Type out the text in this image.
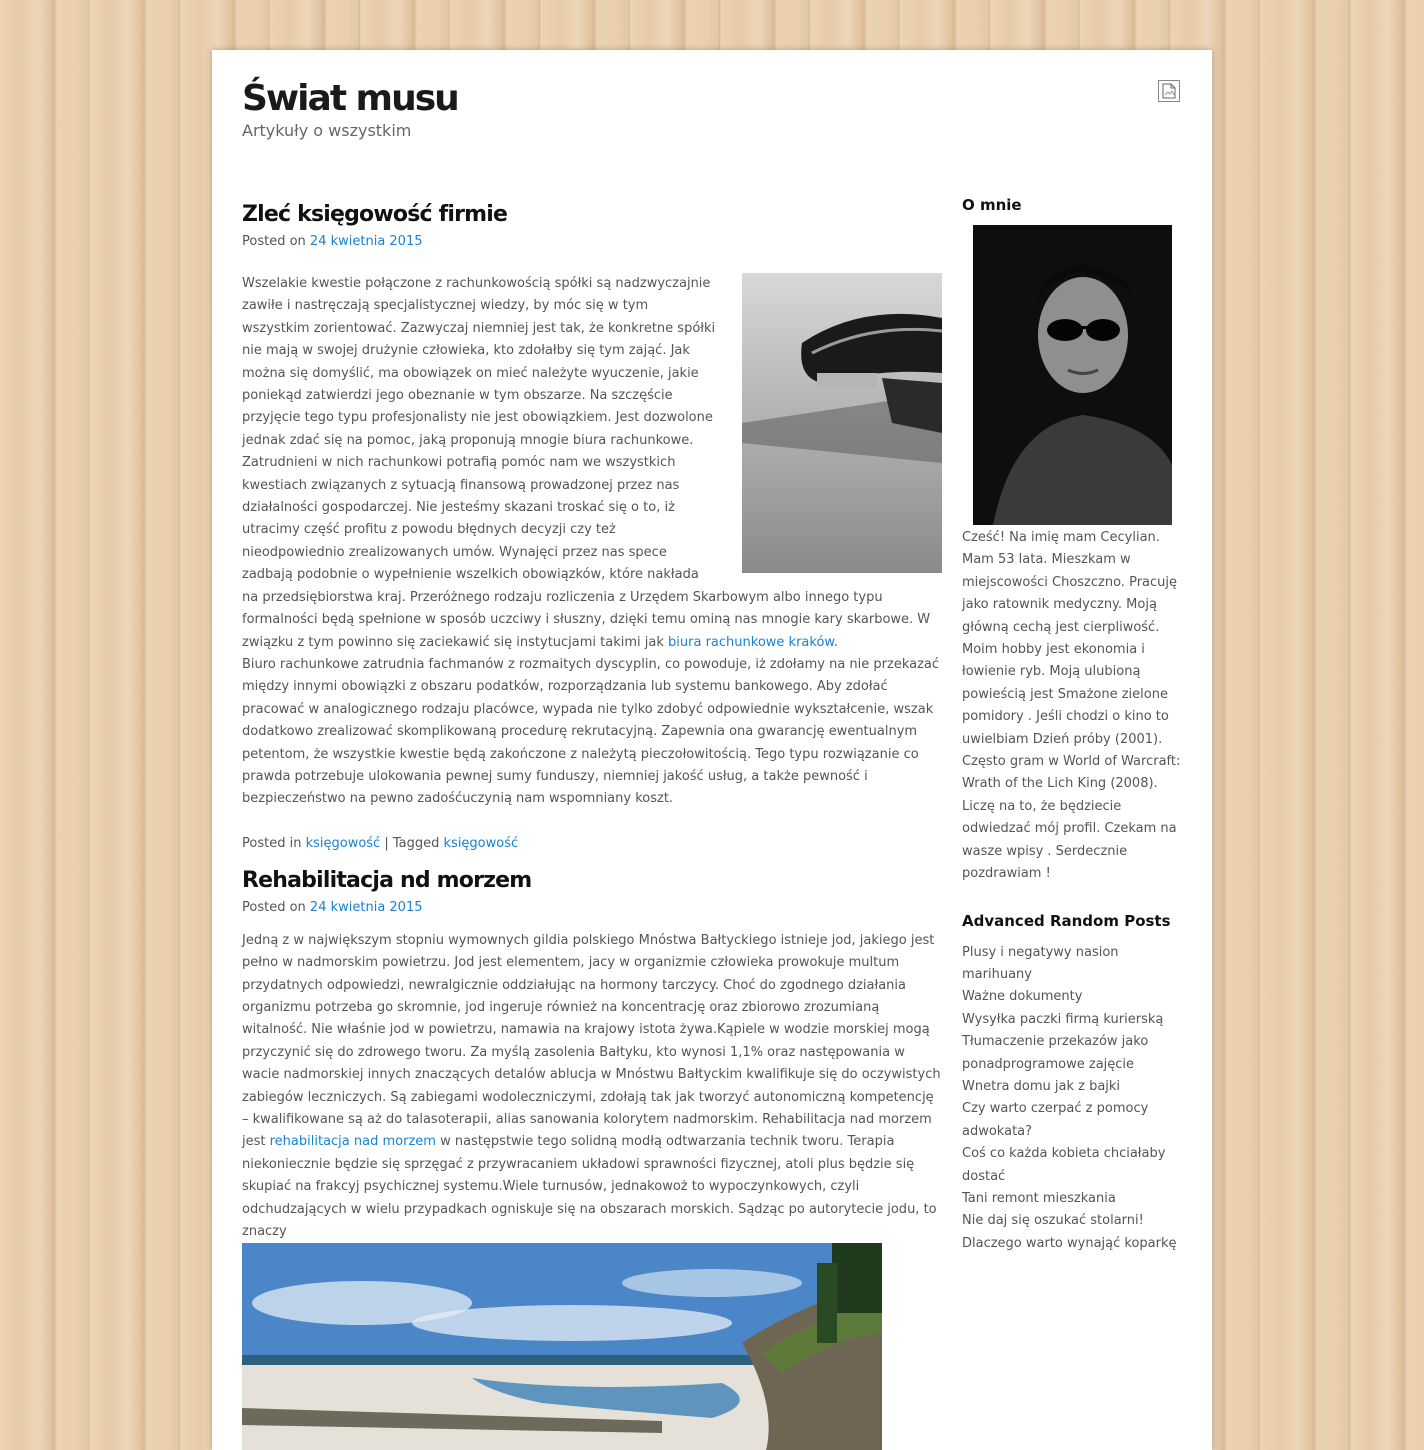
Świat musu

Artykuły o wszystkim

Zleć księgowość firmie
Posted on 24 kwietnia 2015

Wszelakie kwestie połączone z rachunkowością spółki są nadzwyczajnie zawiłe i nastręczają specjalistycznej wiedzy, by móc się w tym wszystkim zorientować. Zazwyczaj niemniej jest tak, że konkretne spółki nie mają w swojej drużynie człowieka, kto zdołałby się tym zająć. Jak można się domyślić, ma obowiązek on mieć należyte wyuczenie, jakie poniekąd zatwierdzi jego obeznanie w tym obszarze. Na szczęście przyjęcie tego typu profesjonalisty nie jest obowiązkiem. Jest dozwolone jednak zdać się na pomoc, jaką proponują mnogie biura rachunkowe.

Zatrudnieni w nich rachunkowi potrafią pomóc nam we wszystkich kwestiach związanych z sytuacją finansową prowadzonej przez nas działalności gospodarczej. Nie jesteśmy skazani troskać się o to, iż utracimy część profitu z powodu błędnych decyzji czy też nieodpowiednio zrealizowanych umów. Wynajęci przez nas spece zadbają podobnie o wypełnienie wszelkich obowiązków, które nakłada na przedsiębiorstwa kraj. Przeróżnego rodzaju rozliczenia z Urzędem Skarbowym albo innego typu formalności będą spełnione w sposób uczciwy i słuszny, dzięki temu ominą nas mnogie kary skarbowe. W związku z tym powinno się zaciekawić się instytucjami takimi jak biura rachunkowe kraków.

Biuro rachunkowe zatrudnia fachmanów z rozmaitych dyscyplin, co powoduje, iż zdołamy na nie przekazać między innymi obowiązki z obszaru podatków, rozporządzania lub systemu bankowego. Aby zdołać pracować w analogicznego rodzaju placówce, wypada nie tylko zdobyć odpowiednie wykształcenie, wszak dodatkowo zrealizować skomplikowaną procedurę rekrutacyjną. Zapewnia ona gwarancję ewentualnym petentom, że wszystkie kwestie będą zakończone z należytą pieczołowitością. Tego typu rozwiązanie co prawda potrzebuje ulokowania pewnej sumy funduszy, niemniej jakość usług, a także pewność i bezpieczeństwo na pewno zadośćuczynią nam wspomniany koszt.

Posted in księgowość | Tagged księgowość
Rehabilitacja nd morzem
Posted on 24 kwietnia 2015

Jedną z w największym stopniu wymownych gildia polskiego Mnóstwa Bałtyckiego istnieje jod, jakiego jest pełno w nadmorskim powietrzu. Jod jest elementem, jacy w organizmie człowieka prowokuje multum przydatnych odpowiedzi, newralgicznie oddziałując na hormony tarczycy. Choć do zgodnego działania organizmu potrzeba go skromnie, jod ingeruje również na koncentrację oraz zbiorowo zrozumianą witalność. Nie właśnie jod w powietrzu, namawia na krajowy istota żywa.Kąpiele w wodzie morskiej mogą przyczynić się do zdrowego tworu. Za myślą zasolenia Bałtyku, kto wynosi 1,1% oraz następowania w wacie nadmorskiej innych znaczących detalów ablucja w Mnóstwu Bałtyckim kwalifikuje się do oczywistych zabiegów leczniczych. Są zabiegami wodoleczniczymi, zdołają tak jak tworzyć autonomiczną kompetencję – kwalifikowane są aż do talasoterapii, alias sanowania kolorytem nadmorskim. Rehabilitacja nad morzem jest rehabilitacja nad morzem w następstwie tego solidną modłą odtwarzania technik tworu. Terapia niekoniecznie będzie się sprzęgać z przywracaniem układowi sprawności fizycznej, atoli plus będzie się skupiać na frakcyj psychicznej systemu.Wiele turnusów, jednakowoż to wypoczynkowych, czyli odchudzających w wielu przypadkach ogniskuje się na obszarach morskich. Sądząc po autorytecie jodu, to znaczy

O mnie

Cześć! Na imię mam Cecylian. Mam 53 lata. Mieszkam w miejscowości Choszczno. Pracuję jako ratownik medyczny. Moją główną cechą jest cierpliwość. Moim hobby jest ekonomia i łowienie ryb. Moją ulubioną powieścią jest Smażone zielone pomidory . Jeśli chodzi o kino to uwielbiam Dzień próby (2001). Często gram w World of Warcraft: Wrath of the Lich King (2008). Liczę na to, że będziecie odwiedzać mój profil. Czekam na wasze wpisy . Serdecznie pozdrawiam !

Advanced Random Posts
Plusy i negatywy nasion marihuany
Ważne dokumenty
Wysyłka paczki firmą kurierską
Tłumaczenie przekazów jako ponadprogramowe zajęcie
Wnetra domu jak z bajki
Czy warto czerpać z pomocy adwokata?
Coś co każda kobieta chciałaby dostać
Tani remont mieszkania
Nie daj się oszukać stolarni!
Dlaczego warto wynająć koparkę
